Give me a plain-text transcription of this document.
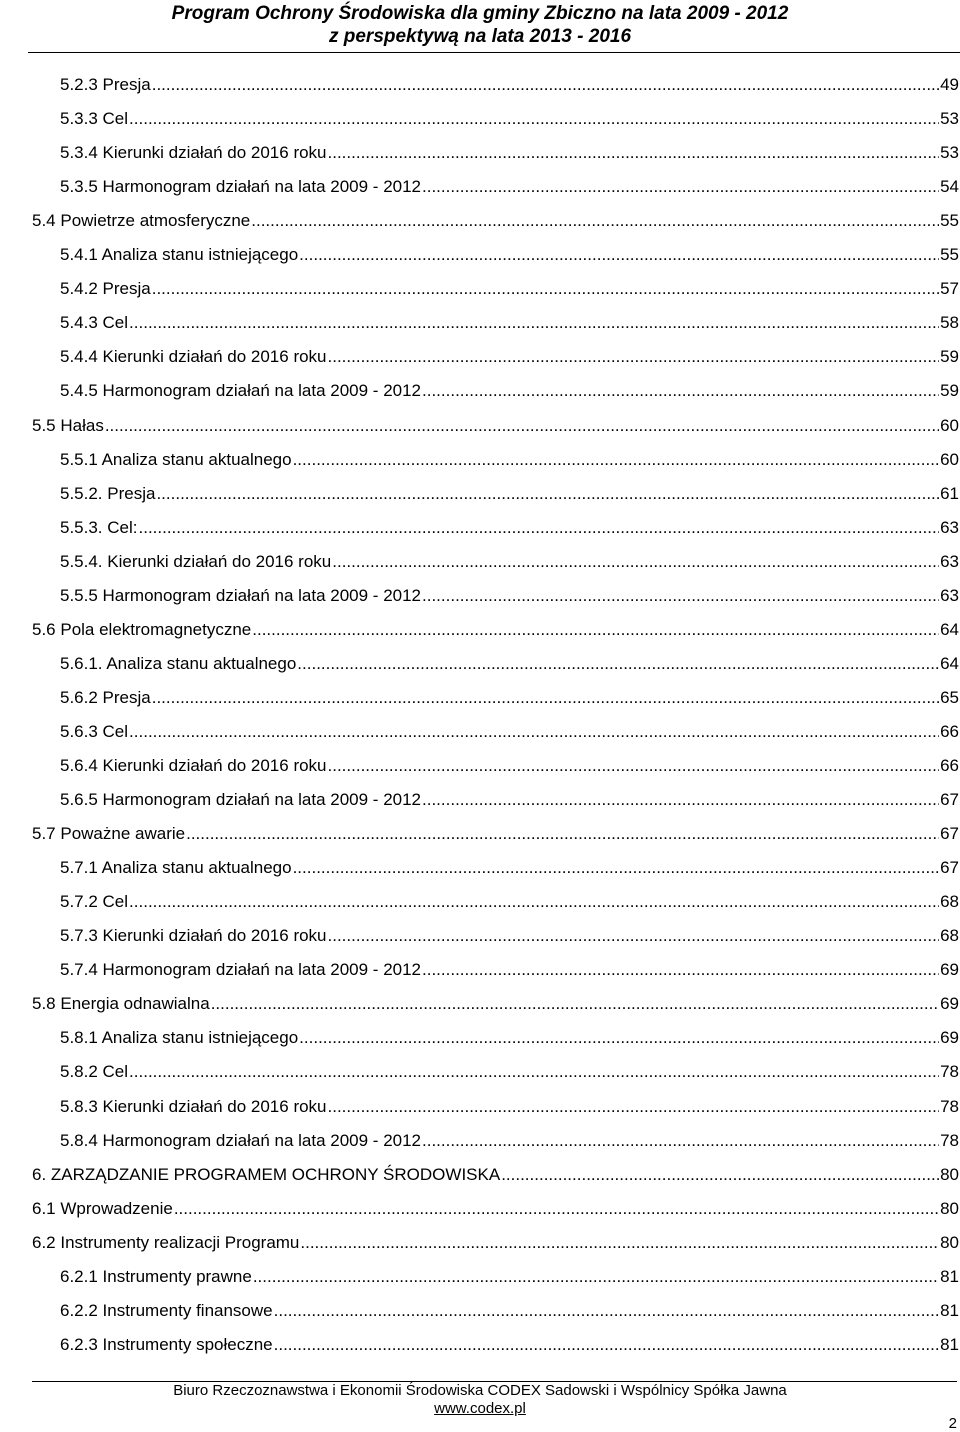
Program Ochrony Środowiska dla gminy Zbiczno na lata 2009 - 2012
z perspektywą na lata 2013 - 2016
5.2.3 Presja .....	49
5.3.3 Cel .....	53
5.3.4 Kierunki działań do 2016 roku .....	53
5.3.5 Harmonogram działań na lata 2009 - 2012 .....	54
5.4 Powietrze atmosferyczne .....	55
5.4.1 Analiza stanu istniejącego .....	55
5.4.2 Presja .....	57
5.4.3 Cel .....	58
5.4.4 Kierunki działań do 2016 roku .....	59
5.4.5 Harmonogram działań na lata 2009 - 2012 .....	59
5.5 Hałas .....	60
5.5.1 Analiza stanu aktualnego .....	60
5.5.2. Presja .....	61
5.5.3. Cel: .....	63
5.5.4. Kierunki działań do 2016 roku .....	63
5.5.5 Harmonogram działań na lata 2009 - 2012 .....	63
5.6 Pola elektromagnetyczne .....	64
5.6.1. Analiza stanu aktualnego .....	64
5.6.2 Presja .....	65
5.6.3 Cel .....	66
5.6.4 Kierunki działań do 2016 roku .....	66
5.6.5 Harmonogram działań na lata 2009 - 2012 .....	67
5.7 Poważne awarie .....	67
5.7.1 Analiza stanu aktualnego .....	67
5.7.2 Cel .....	68
5.7.3 Kierunki działań do 2016 roku .....	68
5.7.4 Harmonogram działań na lata 2009 - 2012 .....	69
5.8 Energia odnawialna .....	69
5.8.1 Analiza stanu istniejącego .....	69
5.8.2 Cel .....	78
5.8.3 Kierunki działań do 2016 roku .....	78
5.8.4 Harmonogram działań na lata 2009 - 2012 .....	78
6. ZARZĄDZANIE PROGRAMEM OCHRONY ŚRODOWISKA .....	80
6.1 Wprowadzenie .....	80
6.2 Instrumenty realizacji Programu .....	80
6.2.1 Instrumenty prawne .....	81
6.2.2 Instrumenty finansowe .....	81
6.2.3 Instrumenty społeczne .....	81
Biuro Rzeczoznawstwa i Ekonomii Środowiska CODEX Sadowski i Wspólnicy Spółka Jawna
www.codex.pl
2
